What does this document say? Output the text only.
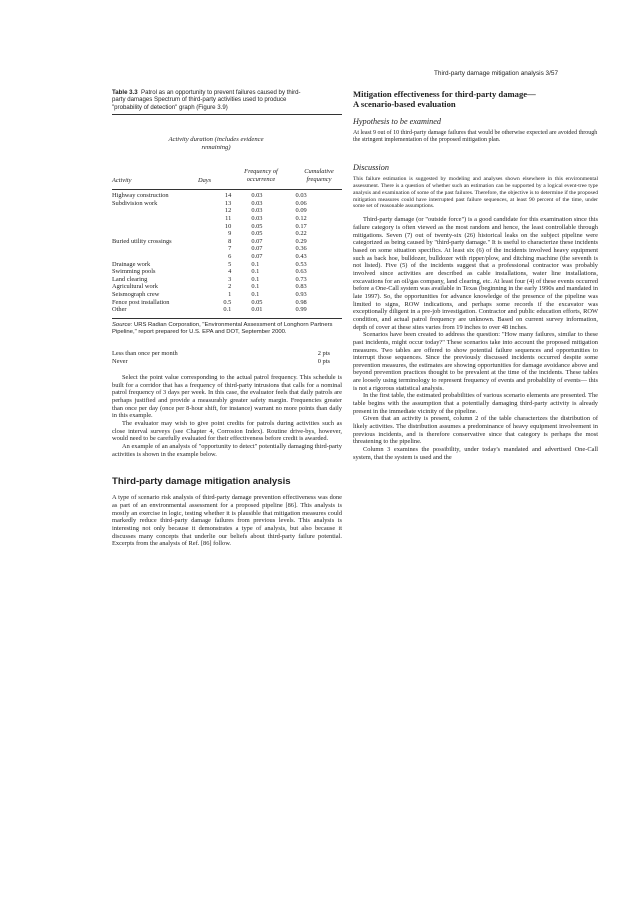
Third-party damage mitigation analysis 3/57

Table 3.3 Patrol as an opportunity to prevent failures caused by third-party damages Spectrum of third-party activities used to produce "probability of detection" graph (Figure 3.9)

Activity duration (includes evidence remaining)
Activity	Days
Frequency of occurrence
Cumulative frequency
Highway construction	14	0.03	0.03
Subdivision work	13	0.03	0.06
	12	0.03	0.09
	11	0.03	0.12
	10	0.05	0.17
	9	0.05	0.22
Buried utility crossings	8	0.07	0.29
	7	0.07	0.36
	6	0.07	0.43
Drainage work	5	0.1	0.53
Swimming pools	4	0.1	0.63
Land clearing	3	0.1	0.73
Agricultural work	2	0.1	0.83
Seismograph crew	1	0.1	0.93
Fence post installation	0.5	0.05	0.98
Other	0.1	0.01	0.99

Source: URS Radian Corporation, "Environmental Assessment of Longhorn Partners Pipeline," report prepared for U.S. EPA and DOT, September 2000.

Less than once per month	2 pts
Never	0 pts

Select the point value corresponding to the actual patrol frequency. This schedule is built for a corridor that has a frequency of third-party intrusions that calls for a nominal patrol frequency of 3 days per week. In this case, the evaluator feels that daily patrols are perhaps justified and provide a measurably greater safety margin. Frequencies greater than once per day (once per 8-hour shift, for instance) warrant no more points than daily in this example.

The evaluator may wish to give point credits for patrols during activities such as close interval surveys (see Chapter 4, Corrosion Index). Routine drive-bys, however, would need to be carefully evaluated for their effectiveness before credit is awarded.

An example of an analysis of "opportunity to detect" potentially damaging third-party activities is shown in the example below.

Third-party damage mitigation analysis

A type of scenario risk analysis of third-party damage prevention effectiveness was done as part of an environmental assessment for a proposed pipeline [86]. This analysis is mostly an exercise in logic, testing whether it is plausible that mitigation measures could markedly reduce third-party damage failures from previous levels. This analysis is interesting not only because it demonstrates a type of analysis, but also because it discusses many concepts that underlie our beliefs about third-party failure potential. Excerpts from the analysis of Ref. [86] follow.

Mitigation effectiveness for third-party damage—
A scenario-based evaluation
Hypothesis to be examined

At least 9 out of 10 third-party damage failures that would be otherwise expected are avoided through the stringent implementation of the proposed mitigation plan.

Discussion

This failure estimation is suggested by modeling and analyses shown elsewhere in this environmental assessment. There is a question of whether such an estimation can be supported by a logical event-tree type analysis and examination of some of the past failures. Therefore, the objective is to determine if the proposed mitigation measures could have interrupted past failure sequences, at least 90 percent of the time, under some set of reasonable assumptions.

Third-party damage (or "outside force") is a good candidate for this examination since this failure category is often viewed as the most random and hence, the least controllable through mitigations. Seven (7) out of twenty-six (26) historical leaks on the subject pipeline were categorized as being caused by "third-party damage." It is useful to characterize these incidents based on some situation specifics. At least six (6) of the incidents involved heavy equipment such as back hoe, bulldozer, bulldozer with ripper/plow, and ditching machine (the seventh is not listed). Five (5) of the incidents suggest that a professional contractor was probably involved since activities are described as cable installations, water line installations, excavations for an oil/gas company, land clearing, etc. At least four (4) of these events occurred before a One-Call system was available in Texas (beginning in the early 1990s and mandated in late 1997). So, the opportunities for advance knowledge of the presence of the pipeline was limited to signs, ROW indications, and perhaps some records if the excavator was exceptionally diligent in a pre-job investigation. Contractor and public education efforts, ROW condition, and actual patrol frequency are unknown. Based on current survey information, depth of cover at these sites varies from 19 inches to over 48 inches.

Scenarios have been created to address the question: "How many failures, similar to these past incidents, might occur today?" These scenarios take into account the proposed mitigation measures. Two tables are offered to show potential failure sequences and opportunities to interrupt those sequences. Since the previously discussed incidents occurred despite some prevention measures, the estimates are showing opportunities for damage avoidance above and beyond prevention practices thought to be prevalent at the time of the incidents. These tables are loosely using terminology to represent frequency of events and probability of events— this is not a rigorous statistical analysis.

In the first table, the estimated probabilities of various scenario elements are presented. The table begins with the assumption that a potentially damaging third-party activity is already present in the immediate vicinity of the pipeline.

Given that an activity is present, column 2 of the table characterizes the distribution of likely activities. The distribution assumes a predominance of heavy equipment involvement in previous incidents, and is therefore conservative since that category is perhaps the most threatening to the pipeline.

Column 3 examines the possibility, under today's mandated and advertised One-Call system, that the system is used and the
